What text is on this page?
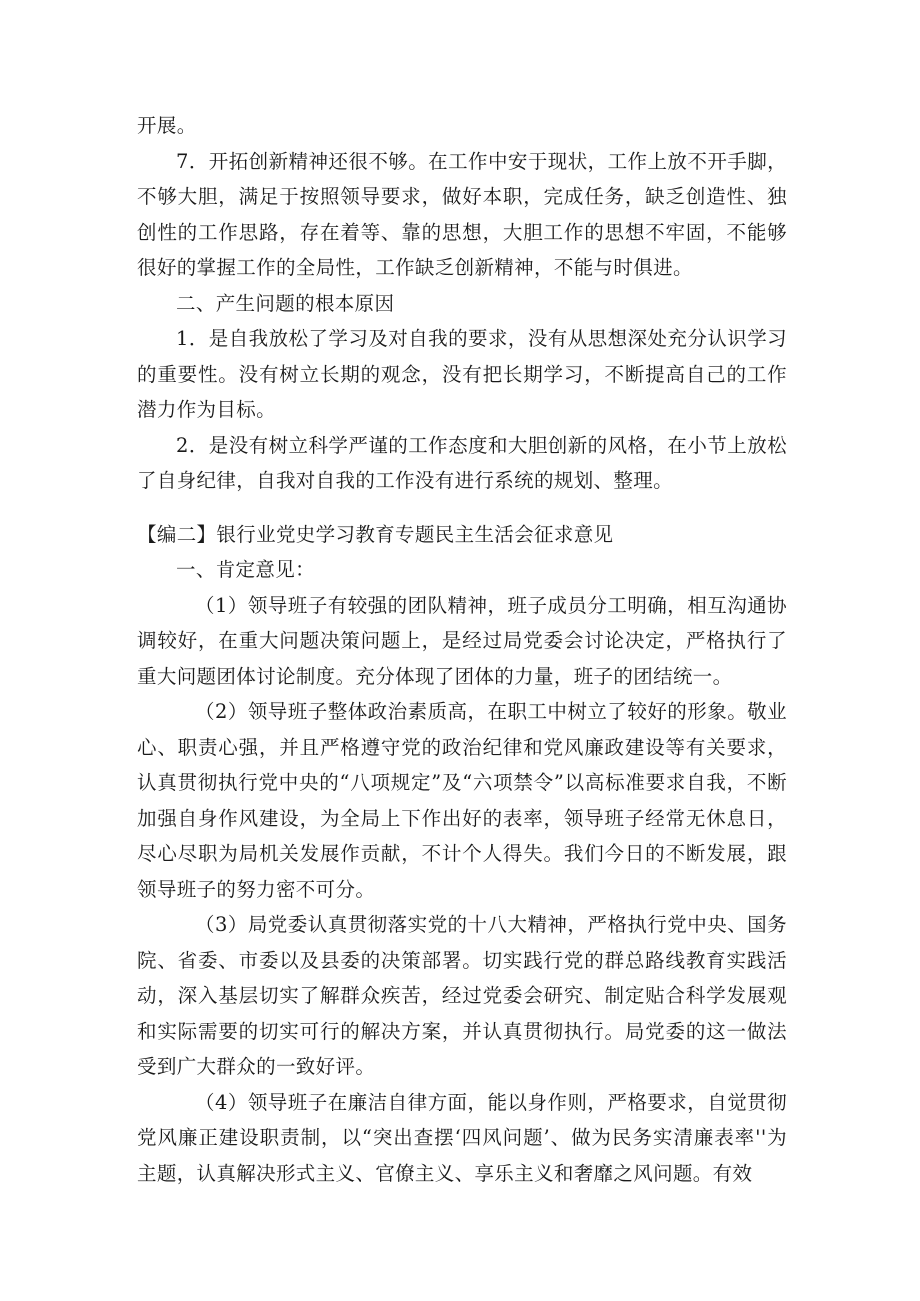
开展。

7．开拓创新精神还很不够。在工作中安于现状，工作上放不开手脚，不够大胆，满足于按照领导要求，做好本职，完成任务，缺乏创造性、独创性的工作思路，存在着等、靠的思想，大胆工作的思想不牢固，不能够很好的掌握工作的全局性，工作缺乏创新精神，不能与时俱进。

二、产生问题的根本原因

1．是自我放松了学习及对自我的要求，没有从思想深处充分认识学习的重要性。没有树立长期的观念，没有把长期学习，不断提高自己的工作潜力作为目标。

2．是没有树立科学严谨的工作态度和大胆创新的风格，在小节上放松了自身纪律，自我对自我的工作没有进行系统的规划、整理。

【编二】银行业党史学习教育专题民主生活会征求意见

一、肯定意见：

（1）领导班子有较强的团队精神，班子成员分工明确，相互沟通协调较好，在重大问题决策问题上，是经过局党委会讨论决定，严格执行了重大问题团体讨论制度。充分体现了团体的力量，班子的团结统一。

（2）领导班子整体政治素质高，在职工中树立了较好的形象。敬业心、职责心强，并且严格遵守党的政治纪律和党风廉政建设等有关要求，认真贯彻执行党中央的“八项规定”及“六项禁令”以高标准要求自我，不断加强自身作风建设，为全局上下作出好的表率，领导班子经常无休息日，尽心尽职为局机关发展作贡献，不计个人得失。我们今日的不断发展，跟领导班子的努力密不可分。

（3）局党委认真贯彻落实党的十八大精神，严格执行党中央、国务院、省委、市委以及县委的决策部署。切实践行党的群总路线教育实践活动，深入基层切实了解群众疾苦，经过党委会研究、制定贴合科学发展观和实际需要的切实可行的解决方案，并认真贯彻执行。局党委的这一做法受到广大群众的一致好评。

（4）领导班子在廉洁自律方面，能以身作则，严格要求，自觉贯彻党风廉正建设职责制，以“突出查摆‘四风问题’、做为民务实清廉表率''为主题，认真解决形式主义、官僚主义、享乐主义和奢靡之风问题。有效
